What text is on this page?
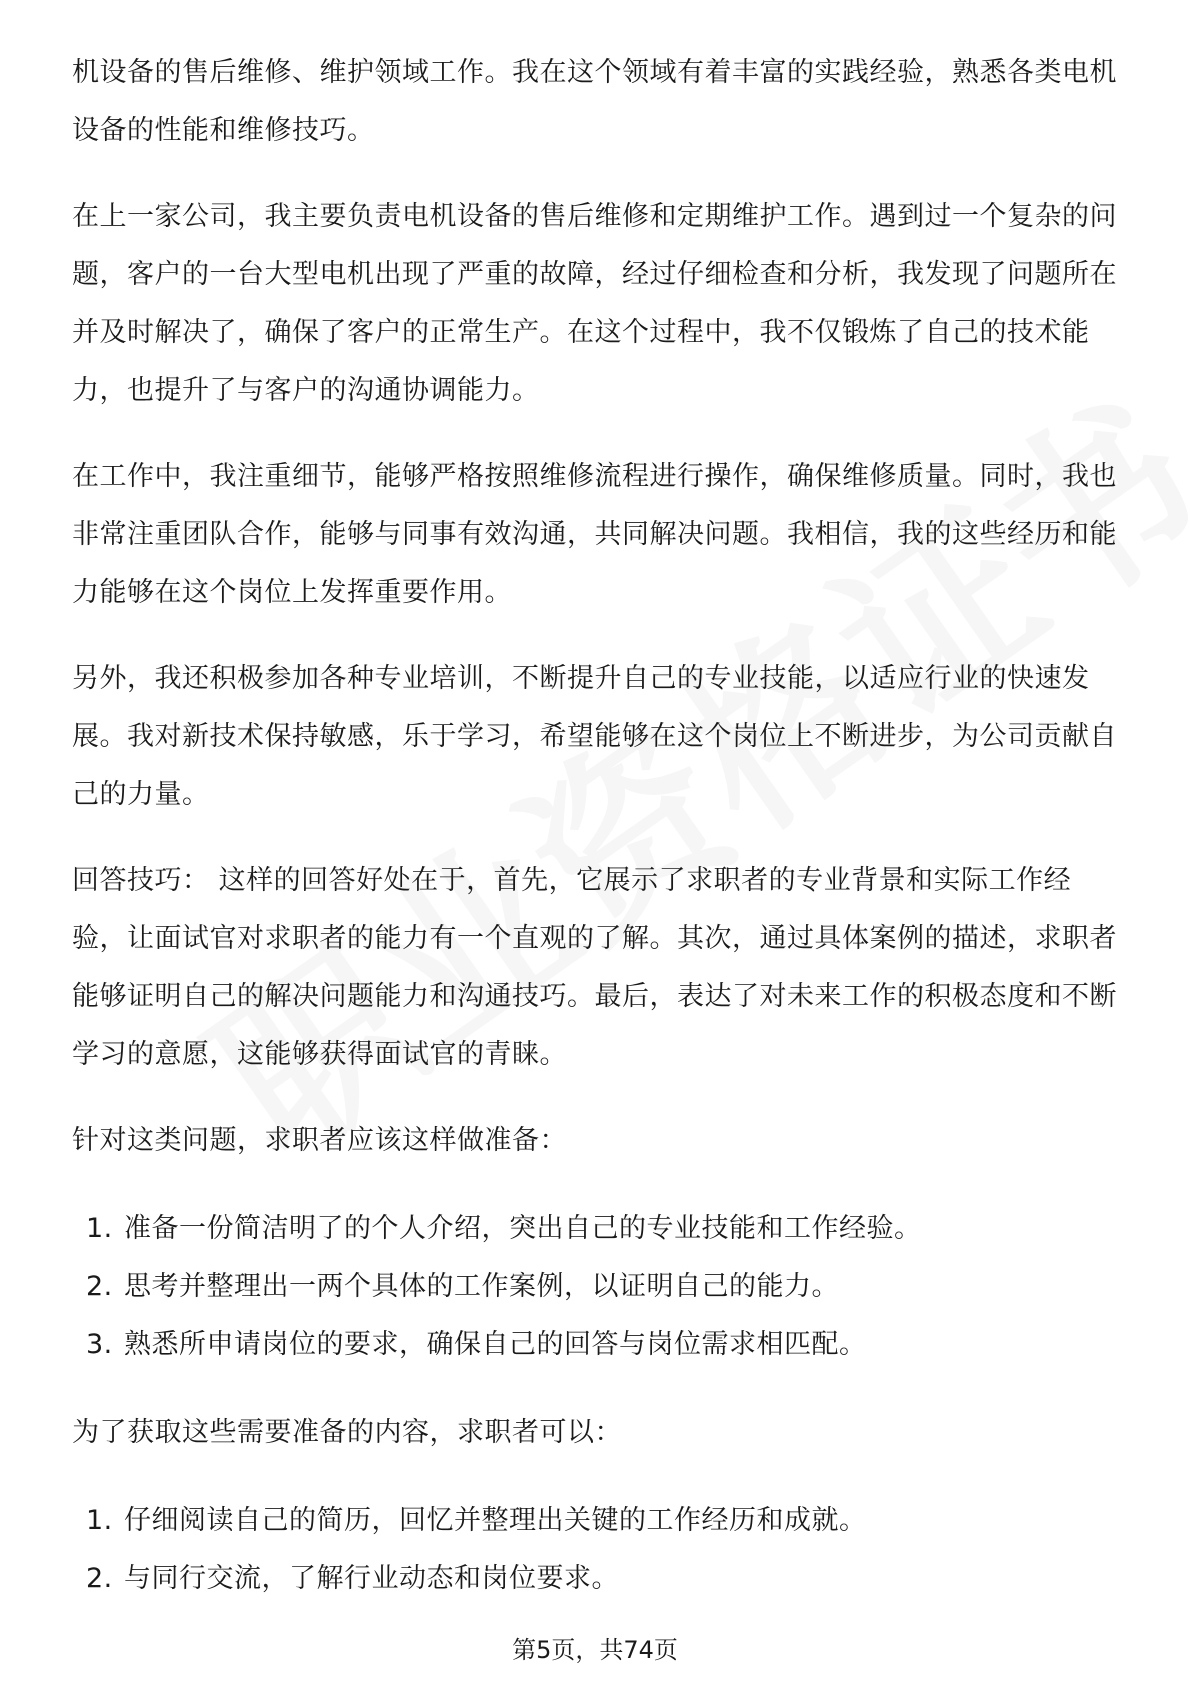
机设备的售后维修、维护领域工作。我在这个领域有着丰富的实践经验，熟悉各类电机设备的性能和维修技巧。

在上一家公司，我主要负责电机设备的售后维修和定期维护工作。遇到过一个复杂的问题，客户的一台大型电机出现了严重的故障，经过仔细检查和分析，我发现了问题所在并及时解决了，确保了客户的正常生产。在这个过程中，我不仅锻炼了自己的技术能力，也提升了与客户的沟通协调能力。

在工作中，我注重细节，能够严格按照维修流程进行操作，确保维修质量。同时，我也非常注重团队合作，能够与同事有效沟通，共同解决问题。我相信，我的这些经历和能力能够在这个岗位上发挥重要作用。

另外，我还积极参加各种专业培训，不断提升自己的专业技能，以适应行业的快速发展。我对新技术保持敏感，乐于学习，希望能够在这个岗位上不断进步，为公司贡献自己的力量。

回答技巧： 这样的回答好处在于，首先，它展示了求职者的专业背景和实际工作经验，让面试官对求职者的能力有一个直观的了解。其次，通过具体案例的描述，求职者能够证明自己的解决问题能力和沟通技巧。最后，表达了对未来工作的积极态度和不断学习的意愿，这能够获得面试官的青睐。

针对这类问题，求职者应该这样做准备：

1. 准备一份简洁明了的个人介绍，突出自己的专业技能和工作经验。
2. 思考并整理出一两个具体的工作案例，以证明自己的能力。
3. 熟悉所申请岗位的要求，确保自己的回答与岗位需求相匹配。

为了获取这些需要准备的内容，求职者可以：

1. 仔细阅读自己的简历，回忆并整理出关键的工作经历和成就。
2. 与同行交流，了解行业动态和岗位要求。
第5页，共74页
